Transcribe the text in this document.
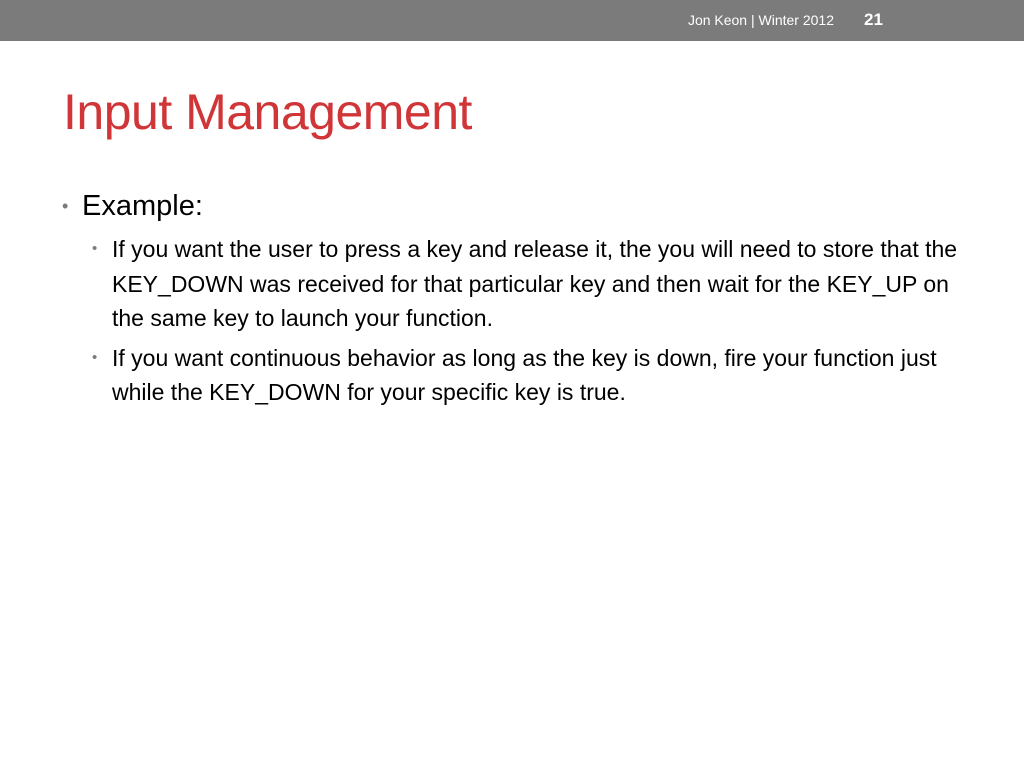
Jon Keon | Winter 2012 21
Input Management
• Example:
• If you want the user to press a key and release it, the you will need to store that the KEY_DOWN was received for that particular key and then wait for the KEY_UP on the same key to launch your function.
• If you want continuous behavior as long as the key is down, fire your function just while the KEY_DOWN for your specific key is true.
